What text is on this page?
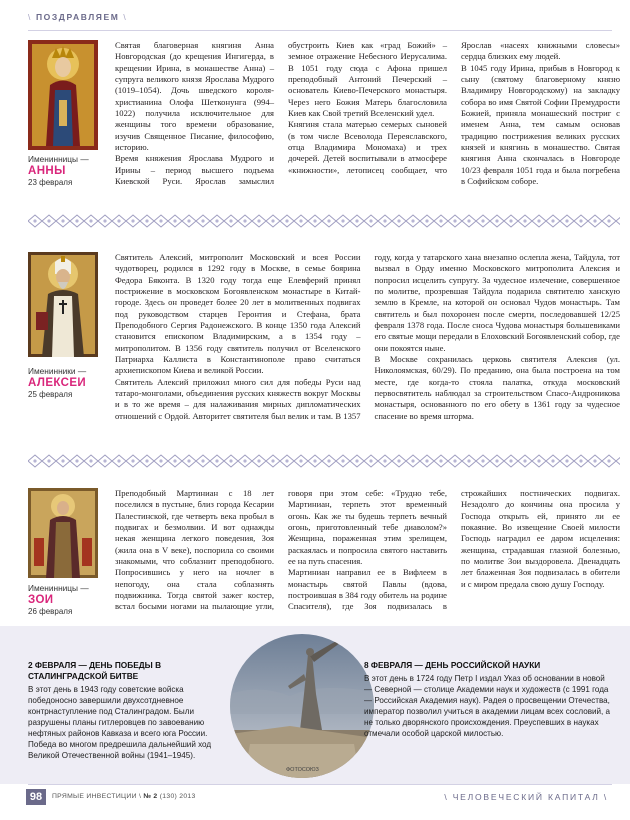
\ ПОЗДРАВЛЯЕМ \
Именинницы —
АННЫ
23 февраля

Святая благоверная княгиня Анна Новгородская (до крещения Ингигерда, в крещении Ирина, в монашестве Анна) – супруга великого князя Ярослава Мудрого (1019–1054). Дочь шведского короля-христианина Олофа Шетконунга (994–1022) получила исключительное для женщины того времени образование, изучив Священное Писание, философию, историю.

Время княжения Ярослава Мудрого и Ирины – период высшего подъема Киевской Руси. Ярослав замыслил обустроить Киев как «град Божий» – земное отражение Небесного Иерусалима. В 1051 году сюда с Афона пришел преподобный Антоний Печерский – основатель Киево-Печерского монастыря. Через него Божия Матерь благословила Киев как Свой третий Вселенский удел.

Княгиня стала матерью семерых сыновей (в том числе Всеволода Переяславского, отца Владимира Мономаха) и трех дочерей. Детей воспитывали в атмосфере «книжности», летописец сообщает, что Ярослав «насеях книжными словесы» сердца близких ему людей.

В 1045 году Ирина, прибыв в Новгород к сыну (святому благоверному князю Владимиру Новгородскому) на закладку собора во имя Святой Софии Премудрости Божией, приняла монашеский постриг с именем Анна, тем самым основав традицию пострижения великих русских князей и княгинь в монашество. Святая княгиня Анна скончалась в Новгороде 10/23 февраля 1051 года и была погребена в Софийском соборе.

Именинники —
АЛЕКСЕИ
25 февраля

Святитель Алексий, митрополит Московский и всея России чудотворец, родился в 1292 году в Москве, в семье боярина Федора Бяконта. В 1320 году тогда еще Елевферий принял пострижение в московском Богоявленском монастыре в Китай-городе. Здесь он проведет более 20 лет в молитвенных подвигах под руководством старцев Геронтия и Стефана, брата Преподобного Сергия Радонежского. В конце 1350 года Алексий становится епископом Владимирским, а в 1354 году – митрополитом. В 1356 году святитель получил от Вселенского Патриарха Каллиста в Константинополе право считаться архиепископом Киева и великой России.

Святитель Алексий приложил много сил для победы Руси над татаро-монголами, объединения русских княжеств вокруг Москвы и в то же время – для налаживания мирных дипломатических отношений с Ордой. Авторитет святителя был велик и там. В 1357 году, когда у татарского хана внезапно ослепла жена, Тайдула, тот вызвал в Орду именно Московского митрополита Алексия и попросил исцелить супругу. За чудесное излечение, совершенное по молитве, прозревшая Тайдула подарила святителю ханскую землю в Кремле, на которой он основал Чудов монастырь. Там святитель и был похоронен после смерти, последовавшей 12/25 февраля 1378 года. После сноса Чудова монастыря большевиками его святые мощи передали в Елоховский Богоявленский собор, где они покоятся ныне.

В Москве сохранилась церковь святителя Алексия (ул. Николоямская, 60/29). По преданию, она была построена на том месте, где когда-то стояла палатка, откуда московский первосвятитель наблюдал за строительством Спасо-Андрониковa монастыря, основанного по его обету в 1361 году за чудесное спасение во время шторма.

Именинницы —
ЗОИ
26 февраля

Преподобный Мартиниан с 18 лет поселился в пустыне, близ города Кесарии Палестинской, где четверть века пробыл в подвигах и безмолвии. И вот однажды некая женщина легкого поведения, Зоя (жила она в V веке), поспорила со своими знакомыми, что соблазнит преподобного. Попросившись у него на ночлег в непогоду, она стала соблазнять подвижника. Тогда святой зажег костер, встал босыми ногами на пылающие угли, говоря при этом себе: «Трудно тебе, Мартиниан, терпеть этот временный огонь. Как же ты будешь терпеть вечный огонь, приготовленный тебе диаволом?» Женщина, пораженная этим зрелищем, раскаялась и попросила святого наставить ее на путь спасения.

Мартиниан направил ее в Вифлеем в монастырь святой Павлы (вдова, построившая в 384 году обитель на родине Спасителя), где Зоя подвизалась в строжайших постнических подвигах. Незадолго до кончины она просила у Господа открыть ей, принято ли ее покаяние. Во извещение Своей милости Господь наградил ее даром исцеления: женщина, страдавшая глазной болезнью, по молитве Зои выздоровела. Двенадцать лет блаженная Зоя подвизалась в обители и с миром предала свою душу Господу.

2 ФЕВРАЛЯ — ДЕНЬ ПОБЕДЫ В СТАЛИНГРАДСКОЙ БИТВЕ
В этот день в 1943 году советские войска победоносно завершили двухсотдневное контрнаступление под Сталинградом. Были разрушены планы гитлеровцев по завоеванию нефтяных районов Кавказа и всего юга России. Победа во многом предрешила дальнейший ход Великой Отечественной войны (1941–1945).
ФОТОСОЮЗ
8 ФЕВРАЛЯ — ДЕНЬ РОССИЙСКОЙ НАУКИ
В этот день в 1724 году Петр I издал Указ об основании в новой — Северной — столице Академии наук и художеств (с 1991 года — Российская Академия наук). Радея о просвещении Отечества, император позволил учиться в академии лицам всех сословий, а не только дворянского происхождения. Преуспевших в науках отмечали особой царской милостью.
98	ПРЯМЫЕ ИНВЕСТИЦИИ \ № 2 (130) 2013	\ ЧЕЛОВЕЧЕСКИЙ КАПИТАЛ \
